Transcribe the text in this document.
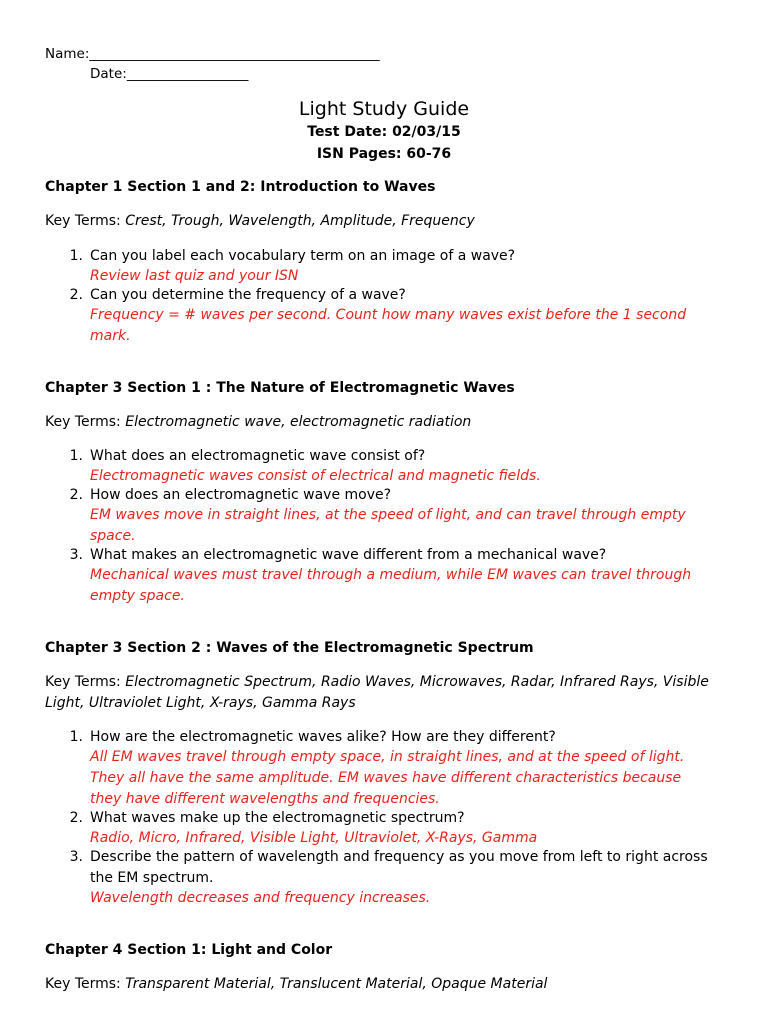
Name:___________________________________________
Date:__________________
Light Study Guide
Test Date: 02/03/15
ISN Pages: 60-76
Chapter 1 Section 1 and 2: Introduction to Waves
Key Terms: Crest, Trough, Wavelength, Amplitude, Frequency
1. Can you label each vocabulary term on an image of a wave?
Review last quiz and your ISN
2. Can you determine the frequency of a wave?
Frequency = # waves per second. Count how many waves exist before the 1 second mark.
Chapter 3 Section 1 : The Nature of Electromagnetic Waves
Key Terms: Electromagnetic wave, electromagnetic radiation
1. What does an electromagnetic wave consist of?
Electromagnetic waves consist of electrical and magnetic fields.
2. How does an electromagnetic wave move?
EM waves move in straight lines, at the speed of light, and can travel through empty space.
3. What makes an electromagnetic wave different from a mechanical wave?
Mechanical waves must travel through a medium, while EM waves can travel through empty space.
Chapter 3 Section 2 : Waves of the Electromagnetic Spectrum
Key Terms: Electromagnetic Spectrum, Radio Waves, Microwaves, Radar, Infrared Rays, Visible Light, Ultraviolet Light, X-rays, Gamma Rays
1. How are the electromagnetic waves alike? How are they different?
All EM waves travel through empty space, in straight lines, and at the speed of light. They all have the same amplitude. EM waves have different characteristics because they have different wavelengths and frequencies.
2. What waves make up the electromagnetic spectrum?
Radio, Micro, Infrared, Visible Light, Ultraviolet, X-Rays, Gamma
3. Describe the pattern of wavelength and frequency as you move from left to right across the EM spectrum.
Wavelength decreases and frequency increases.
Chapter 4 Section 1: Light and Color
Key Terms: Transparent Material, Translucent Material, Opaque Material
